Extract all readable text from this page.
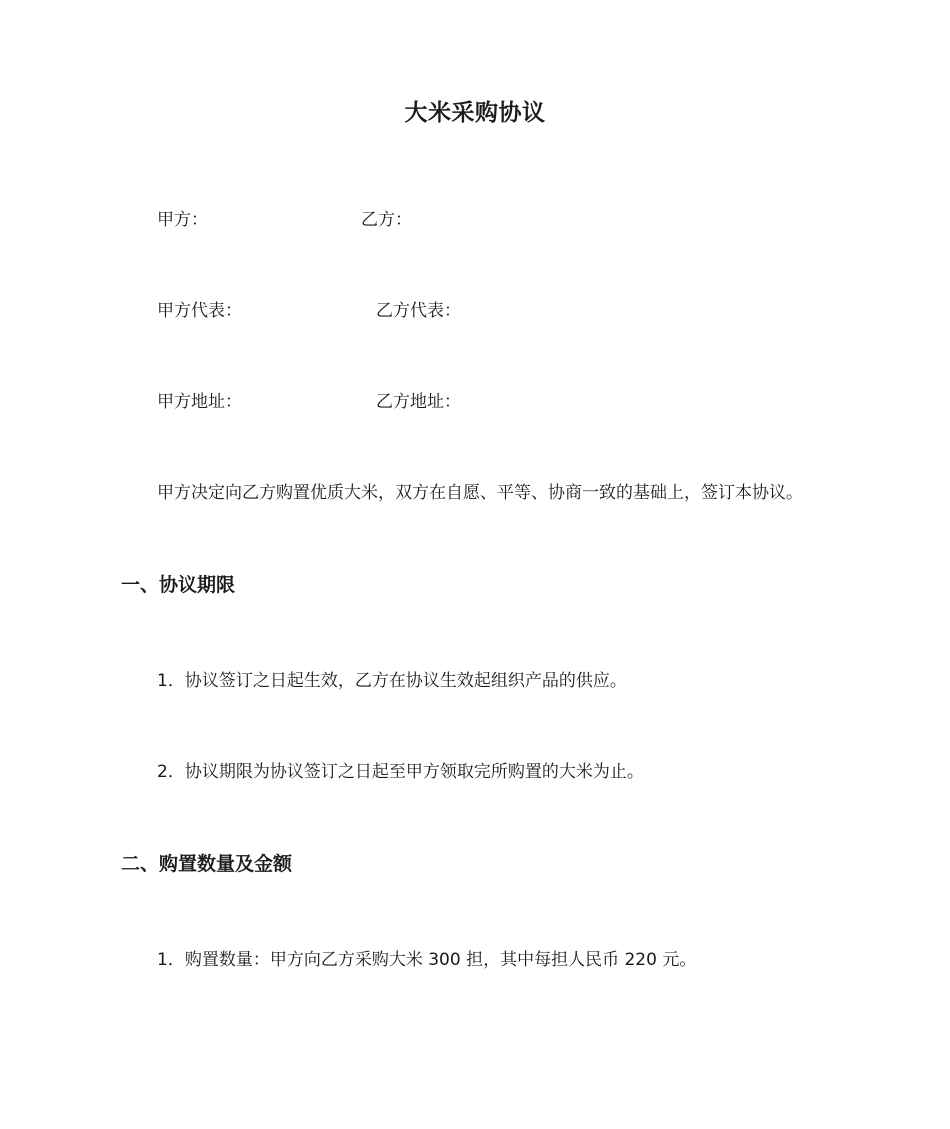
大米采购协议
甲方：	乙方：
甲方代表：	乙方代表：
甲方地址：	乙方地址：
甲方决定向乙方购置优质大米，双方在自愿、平等、协商一致的基础上，签订本协议。
一、协议期限
1．协议签订之日起生效，乙方在协议生效起组织产品的供应。
2．协议期限为协议签订之日起至甲方领取完所购置的大米为止。
二、购置数量及金额
1．购置数量：甲方向乙方采购大米 300 担，其中每担人民币 220 元。
